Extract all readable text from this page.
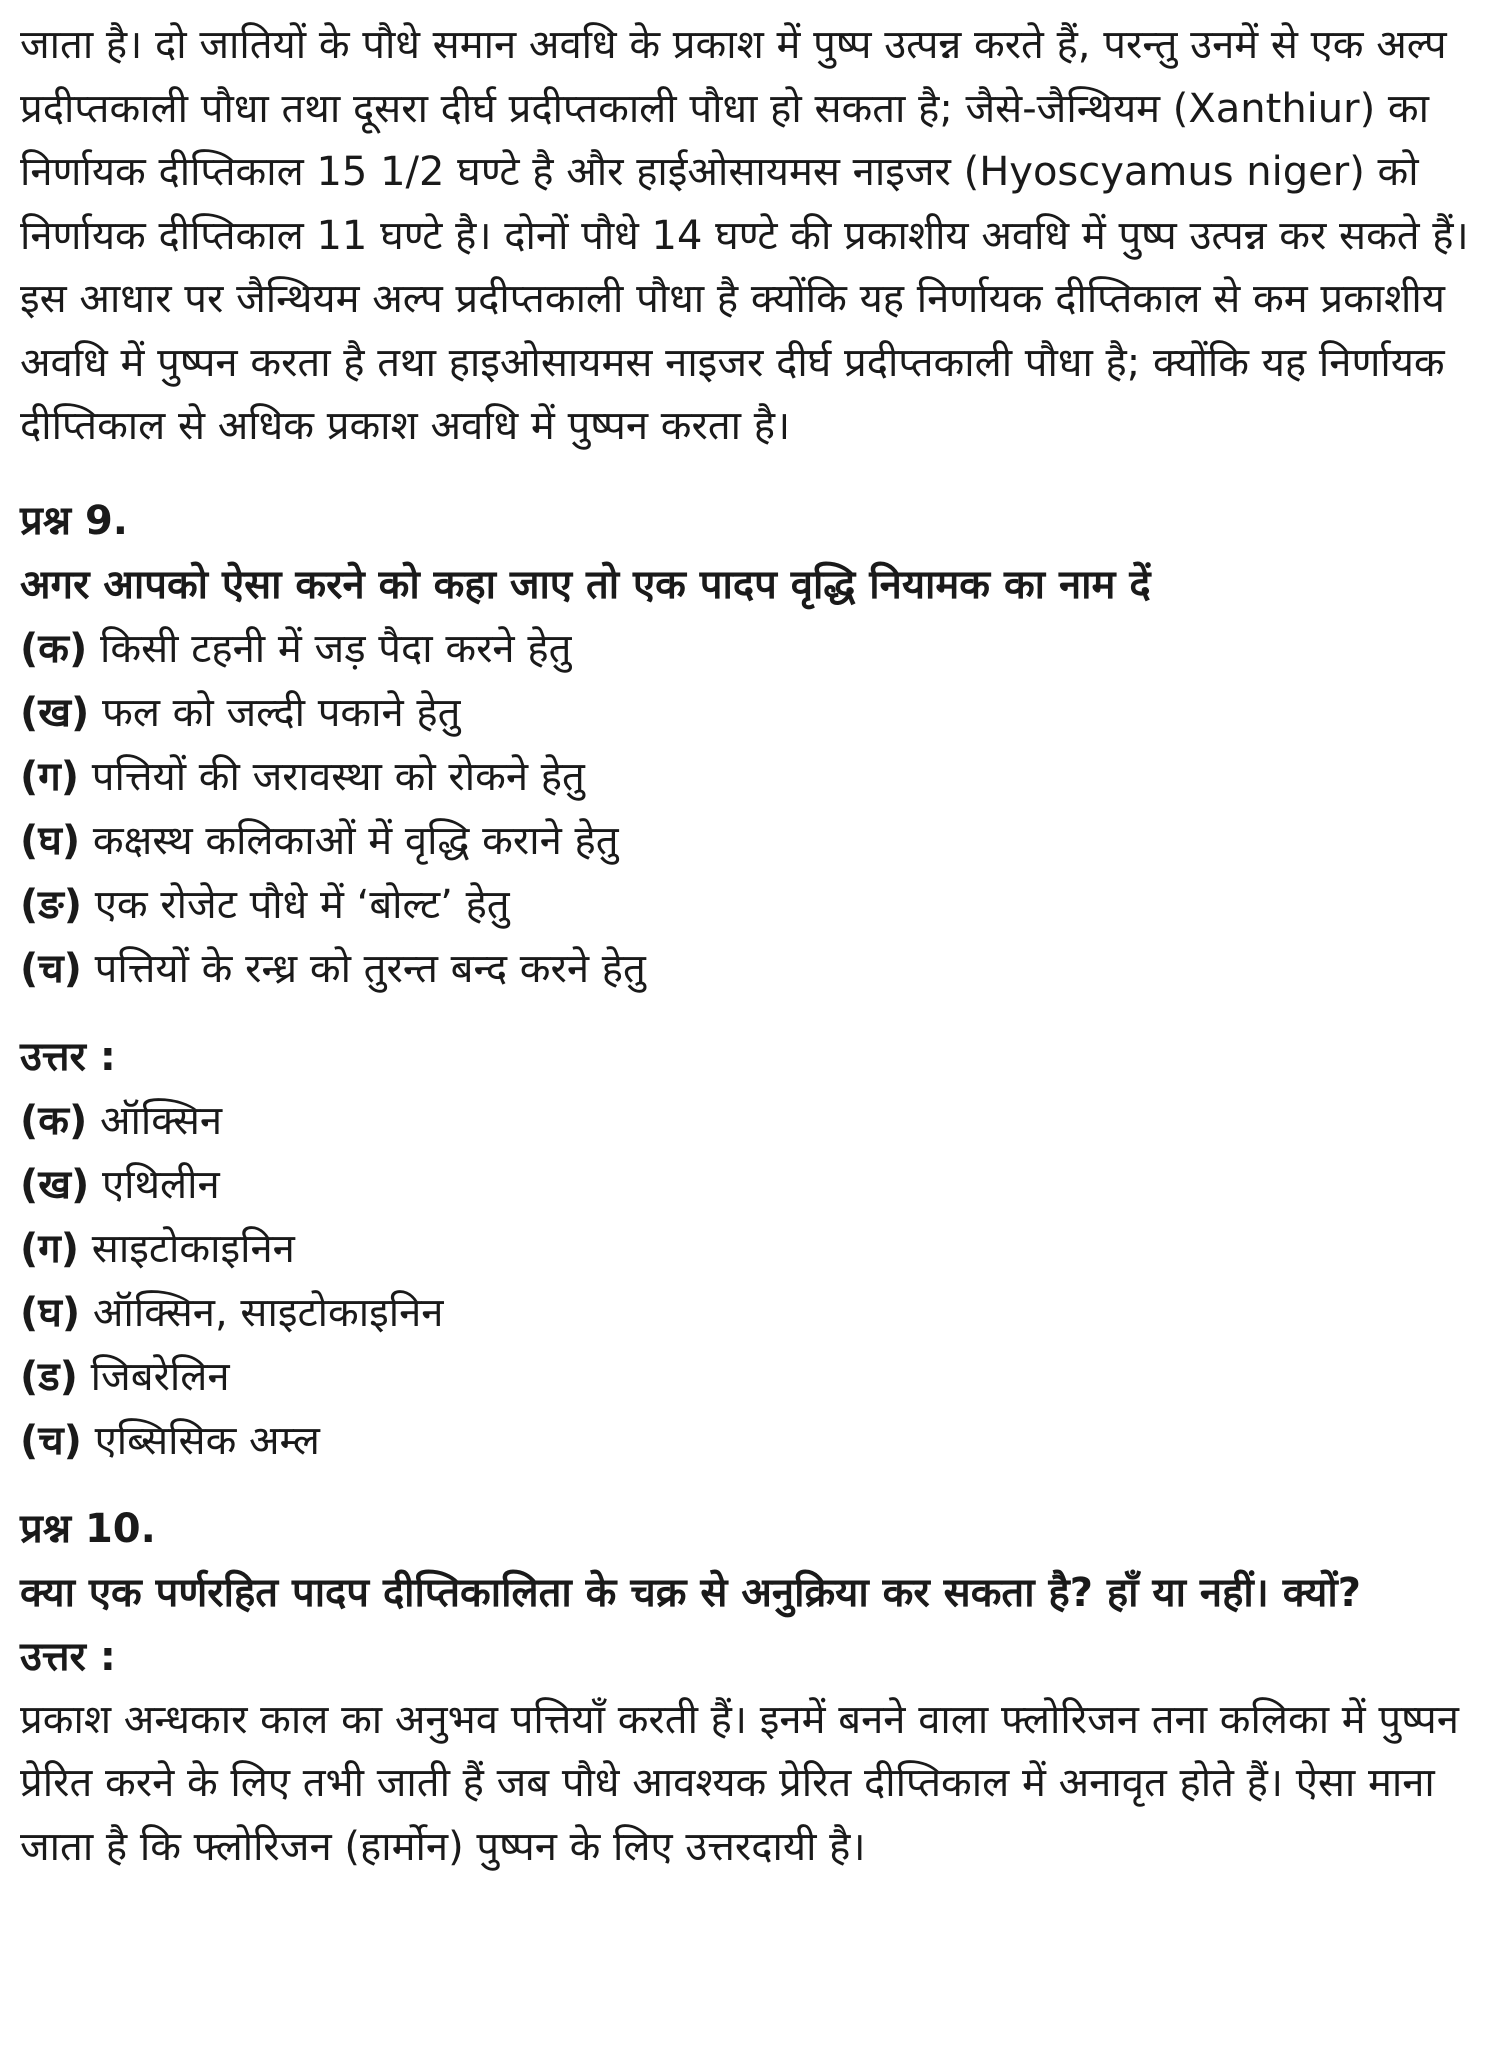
जाता है। दो जातियों के पौधे समान अवधि के प्रकाश में पुष्प उत्पन्न करते हैं, परन्तु उनमें से एक अल्प प्रदीप्तकाली पौधा तथा दूसरा दीर्घ प्रदीप्तकाली पौधा हो सकता है; जैसे-जैन्थियम (Xanthiur) का निर्णायक दीप्तिकाल 15 1/2 घण्टे है और हाईओसायमस नाइजर (Hyoscyamus niger) को निर्णायक दीप्तिकाल 11 घण्टे है। दोनों पौधे 14 घण्टे की प्रकाशीय अवधि में पुष्प उत्पन्न कर सकते हैं। इस आधार पर जैन्थियम अल्प प्रदीप्तकाली पौधा है क्योंकि यह निर्णायक दीप्तिकाल से कम प्रकाशीय अवधि में पुष्पन करता है तथा हाइओसायमस नाइजर दीर्घ प्रदीप्तकाली पौधा है; क्योंकि यह निर्णायक दीप्तिकाल से अधिक प्रकाश अवधि में पुष्पन करता है।

प्रश्न 9.

अगर आपको ऐसा करने को कहा जाए तो एक पादप वृद्धि नियामक का नाम दें

(क) किसी टहनी में जड़ पैदा करने हेतु

(ख) फल को जल्दी पकाने हेतु

(ग) पत्तियों की जरावस्था को रोकने हेतु

(घ) कक्षस्थ कलिकाओं में वृद्धि कराने हेतु

(ङ) एक रोजेट पौधे में ‘बोल्ट’ हेतु

(च) पत्तियों के रन्ध्र को तुरन्त बन्द करने हेतु

उत्तर :

(क) ऑक्सिन

(ख) एथिलीन

(ग) साइटोकाइनिन

(घ) ऑक्सिन, साइटोकाइनिन

(ड) जिबरेलिन

(च) एब्सिसिक अम्ल

प्रश्न 10.

क्या एक पर्णरहित पादप दीप्तिकालिता के चक्र से अनुक्रिया कर सकता है? हाँ या नहीं। क्यों?

उत्तर :

प्रकाश अन्धकार काल का अनुभव पत्तियाँ करती हैं। इनमें बनने वाला फ्लोरिजन तना कलिका में पुष्पन प्रेरित करने के लिए तभी जाती हैं जब पौधे आवश्यक प्रेरित दीप्तिकाल में अनावृत होते हैं। ऐसा माना जाता है कि फ्लोरिजन (हार्मोन) पुष्पन के लिए उत्तरदायी है।
